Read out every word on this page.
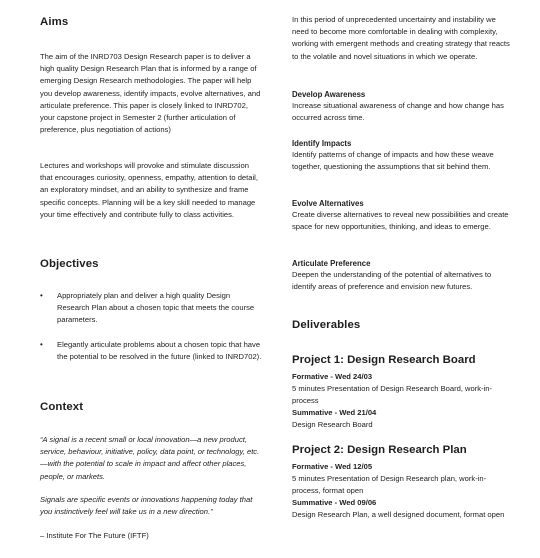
Aims

The aim of the INRD703 Design Research paper is to deliver a high quality Design Research Plan that is informed by a range of emerging Design Research methodologies. The paper will help you develop awareness, identify impacts, evolve alternatives, and articulate preference. This paper is closely linked to INRD702, your capstone project in Semester 2 (further articulation of preference, plus negotiation of actions)

Lectures and workshops will provoke and stimulate discussion that encourages curiosity, openness, empathy, attention to detail, an exploratory mindset, and an ability to synthesize and frame specific concepts. Planning will be a key skill needed to manage your time effectively and contribute fully to class activities.

Objectives
• Appropriately plan and deliver a high quality Design Research Plan about a chosen topic that meets the course parameters.

• Elegantly articulate problems about a chosen topic that have the potential to be resolved in the future (linked to INRD702).

Context

“A signal is a recent small or local innovation—a new product, service, behaviour, initiative, policy, data point, or technology, etc.—with the potential to scale in impact and affect other places, people, or markets.

Signals are specific events or innovations happening today that you instinctively feel will take us in a new direction.”

– Institute For The Future (IFTF)

In this period of unprecedented uncertainty and instability we need to become more comfortable in dealing with complexity, working with emergent methods and creating strategy that reacts to the volatile and novel situations in which we operate.

Develop Awareness

Increase situational awareness of change and how change has occurred across time.

Identify Impacts

Identify patterns of change of impacts and how these weave together, questioning the assumptions that sit behind them.

Evolve Alternatives

Create diverse alternatives to reveal new possibilities and create space for new opportunities, thinking, and ideas to emerge.

Articulate Preference

Deepen the understanding of the potential of alternatives to identify areas of preference and envision new futures.

Deliverables
Project 1: Design Research Board

Formative - Wed 24/03

5 minutes Presentation of Design Research Board, work-in-process

Summative - Wed 21/04

Design Research Board

Project 2: Design Research Plan

Formative - Wed 12/05

5 minutes Presentation of Design Research plan, work-in-process, format open

Summative - Wed 09/06

Design Research Plan, a well designed document, format open
